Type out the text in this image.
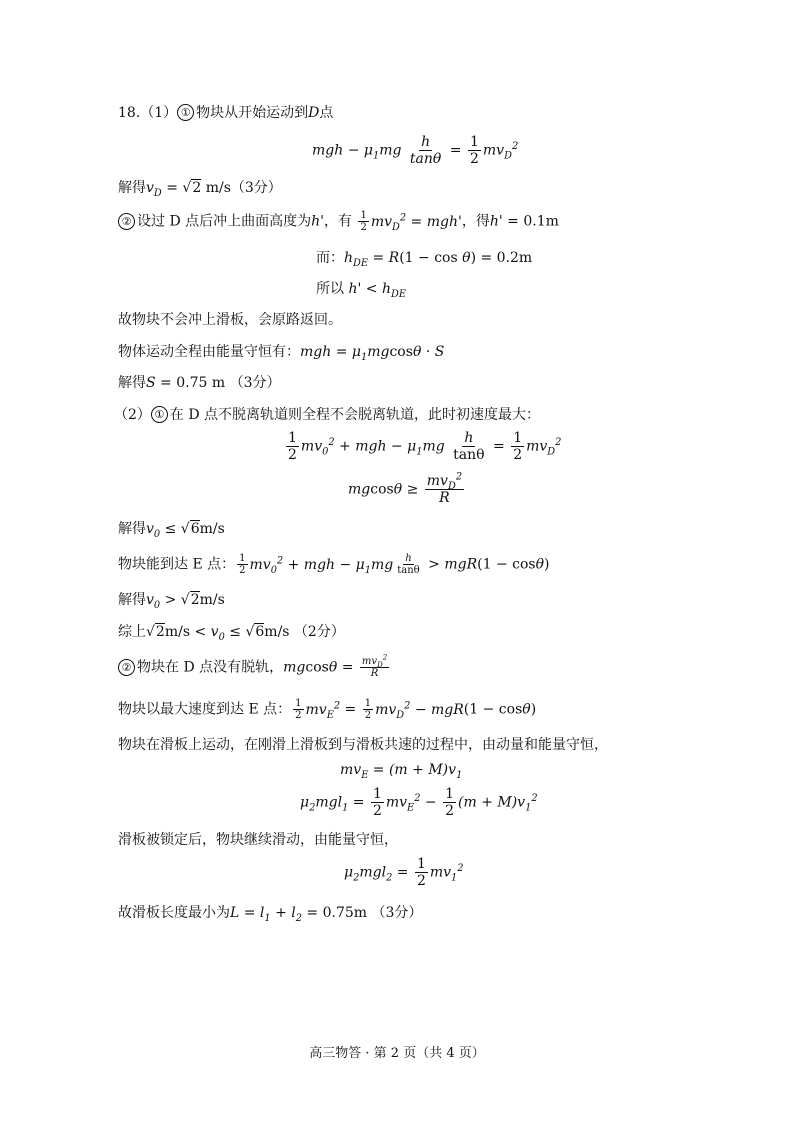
18.（1） ① 物块从开始运动到D点
mgh − $\mu_1mg \frac{h}{\tan\theta} = \frac{1}{2} mv_D^2$
解得$v_D = √2$ m/s（3分）
② 设过 D 点后冲上曲面高度为h'，有 $\frac{1}{2} mv_D^2 = mgh'$，得h' = 0.1m
而：$h_{DE} = R(1 - \cos \theta) = 0.2m$
所以 $h' < h_{DE}$
故物块不会冲上滑板，会原路返回。
物体运动全程由能量守恒有：mgh = $\mu_1mgcos\theta \cdot S$
解得S = 0.75 m （3分）
（2） ① 在 D 点不脱离轨道则全程不会脱离轨道，此时初速度最大：
$\frac{1}{2} mv_0^2$ + mgh − $\mu_1mg \frac{h}{\tan\theta} = \frac{1}{2} mv_D^2$
$mgcos\theta \ge \frac{mv_D^2}{R}$
解得$v_0 \le √6m/s$
物块能到达 E 点： $\frac{1}{2} mv_0^2$ + mgh − $\mu_1mg \frac{h}{\tan\theta} > mgR(1 - \cos\theta)$
解得$v_0 > √2m/s$
综上$√2m/s < v_0 \le √6m/s$ （2分）
② 物块在 D 点没有脱轨，$mgcos\theta = \frac{mv_D^2}{R}$
物块以最大速度到达 E 点： $\frac{1}{2} mv_E^2 = \frac{1}{2} mv_D^2 - mgR(1 - \cos\theta)$
物块在滑板上运动，在刚滑上滑板到与滑板共速的过程中，由动量和能量守恒，
$mv_E = (m + M)v_1$
$\mu_2mgl_1 = \frac{1}{2} mv_E^2 - \frac{1}{2} (m + M)v_1^2$
滑板被锁定后，物块继续滑动，由能量守恒，
$\mu_2mgl_2 = \frac{1}{2} mv_1^2$
故滑板长度最小为$L = l_1 + l_2 = 0.75m$ （3分）
高三物答 · 第 2 页（共 4 页）
